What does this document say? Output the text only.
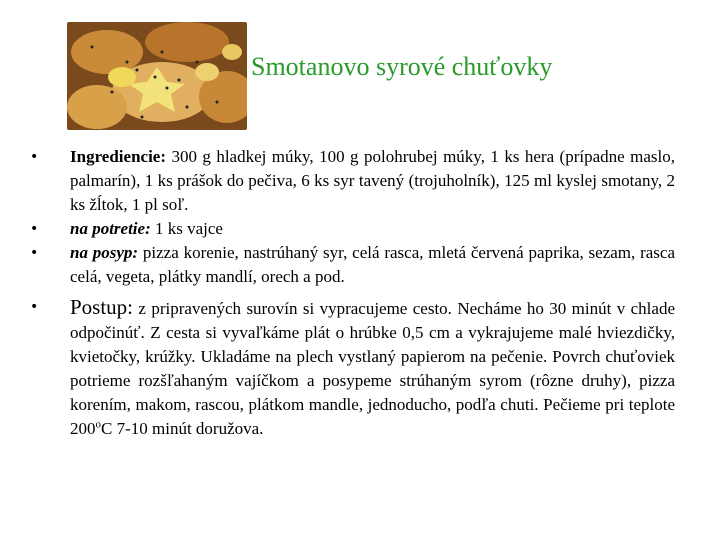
Smotanovo syrové chuťovky
• Ingrediencie: 300 g hladkej múky, 100 g polohrubej múky, 1 ks hera (prípadne maslo, palmarín), 1 ks prášok do pečiva, 6 ks syr tavený (trojuholník), 125 ml kyslej smotany, 2 ks žĺtok, 1 pl soľ.
• na potretie: 1 ks vajce
• na posyp: pizza korenie, nastrúhaný syr, celá rasca, mletá červená paprika, sezam, rasca celá, vegeta, plátky mandlí, orech a pod.
• Postup: z pripravených surovín si vypracujeme cesto. Necháme ho 30 minút v chlade odpočinúť. Z cesta si vyvaľkáme plát o hrúbke 0,5 cm a vykrajujeme malé hviezdičky, kvietočky, krúžky. Ukladáme na plech vystlaný papierom na pečenie. Povrch chuťoviek potrieme rozšľahaným vajíčkom a posypeme strúhaným syrom (rôzne druhy), pizza korením, makom, rascou, plátkom mandle, jednoducho, podľa chuti. Pečieme pri teplote 200$^o$C 7-10 minút doružova.
